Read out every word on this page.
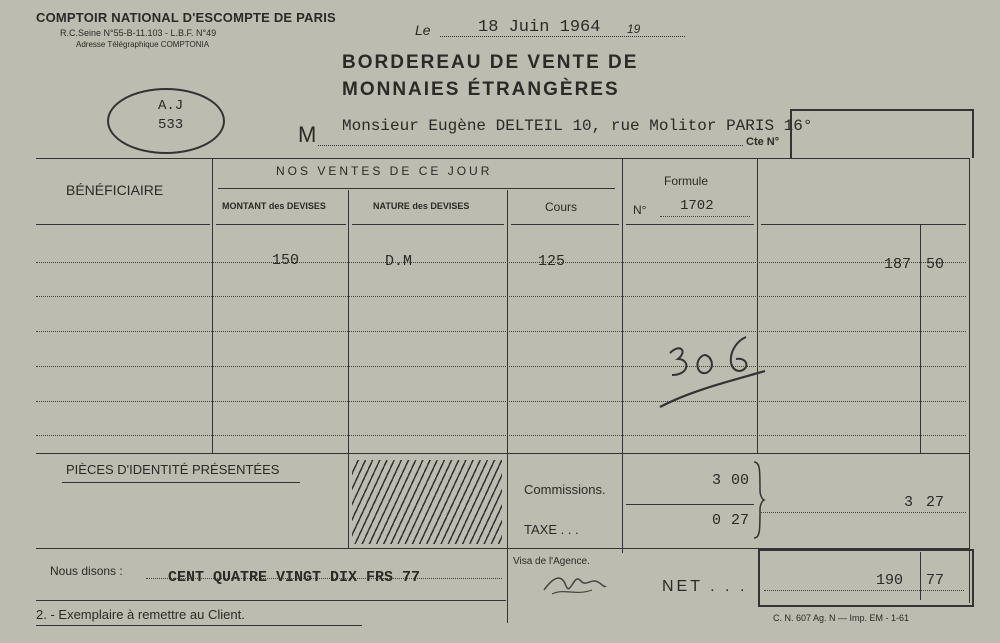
COMPTOIR NATIONAL D'ESCOMPTE DE PARIS
R.C.Seine N°55-B-11.103 - L.B.F. N°49
Adresse Télégraphique COMPTONIA
Le	18 Juin 1964 19
BORDEREAU DE VENTE DE
MONNAIES ÉTRANGÈRES
A.J
533	M Monsieur Eugène DELTEIL 10, rue Molitor PARIS 16°
Cte N°
BÉNÉFICIAIRE
NOS VENTES DE CE JOUR
MONTANT des DEVISES	NATURE des DEVISES	Cours
Formule
N° 1702
150	D.M	125	187 50
PIÈCES D'IDENTITÉ PRÉSENTÉES
Commissions.
3 00
TAXE . . .
0 27
3 27
Nous disons :	CENT QUATRE VINGT DIX FRS 77
Visa de l'Agence.
NET . . .	190 77
2. - Exemplaire à remettre au Client.	C. N. 607 Ag. N — Imp. EM - 1-61
